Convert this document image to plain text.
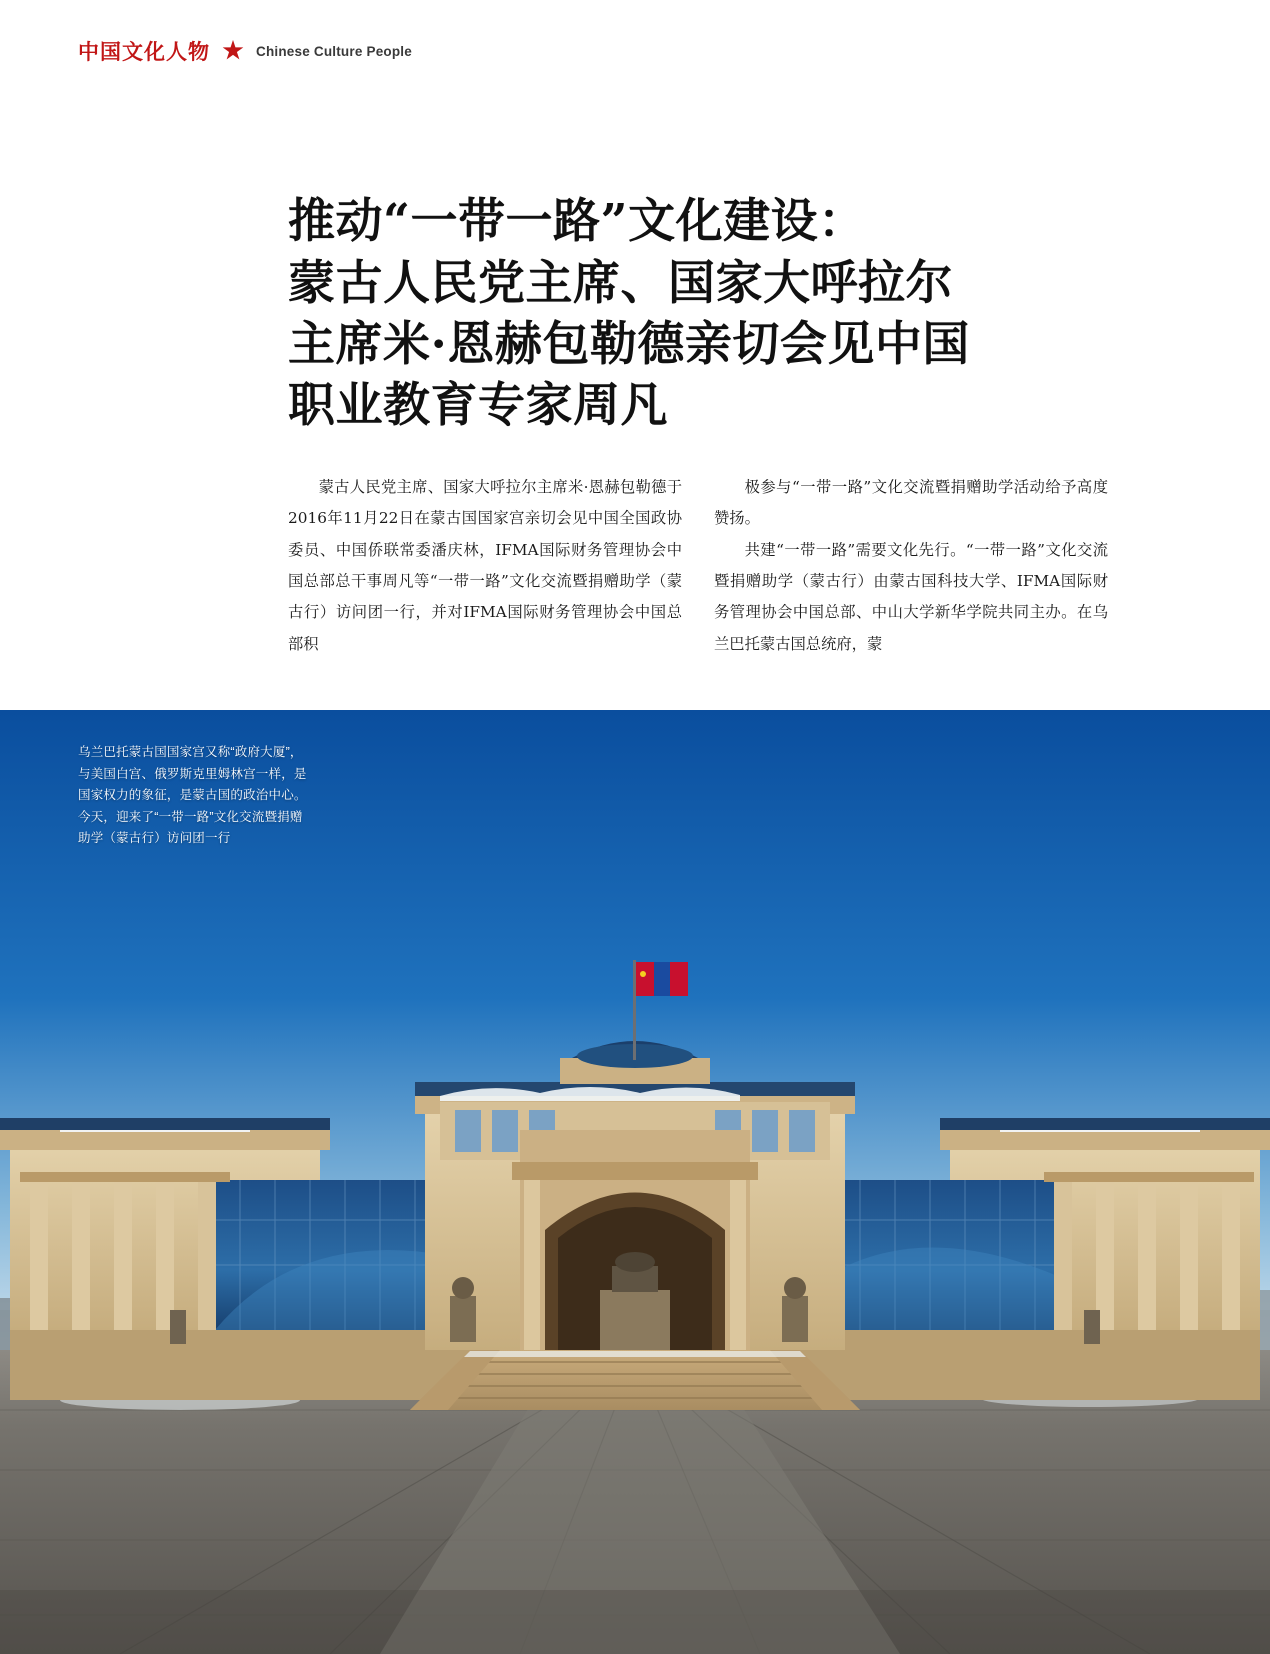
中国文化人物 ★ Chinese Culture People
推动“一带一路”文化建设：
蒙古人民党主席、国家大呼拉尔
主席米·恩赫包勒德亲切会见中国
职业教育专家周凡

蒙古人民党主席、国家大呼拉尔主席米·恩赫包勒德于2016年11月22日在蒙古国国家宫亲切会见中国全国政协委员、中国侨联常委潘庆林，IFMA国际财务管理协会中国总部总干事周凡等“一带一路”文化交流暨捐赠助学（蒙古行）访问团一行，并对IFMA国际财务管理协会中国总部积

极参与“一带一路”文化交流暨捐赠助学活动给予高度赞扬。

共建“一带一路”需要文化先行。“一带一路”文化交流暨捐赠助学（蒙古行）由蒙古国科技大学、IFMA国际财务管理协会中国总部、中山大学新华学院共同主办。在乌兰巴托蒙古国总统府，蒙

乌兰巴托蒙古国国家宫又称“政府大厦”，
与美国白宫、俄罗斯克里姆林宫一样，是
国家权力的象征，是蒙古国的政治中心。
今天，迎来了“一带一路”文化交流暨捐赠
助学（蒙古行）访问团一行
